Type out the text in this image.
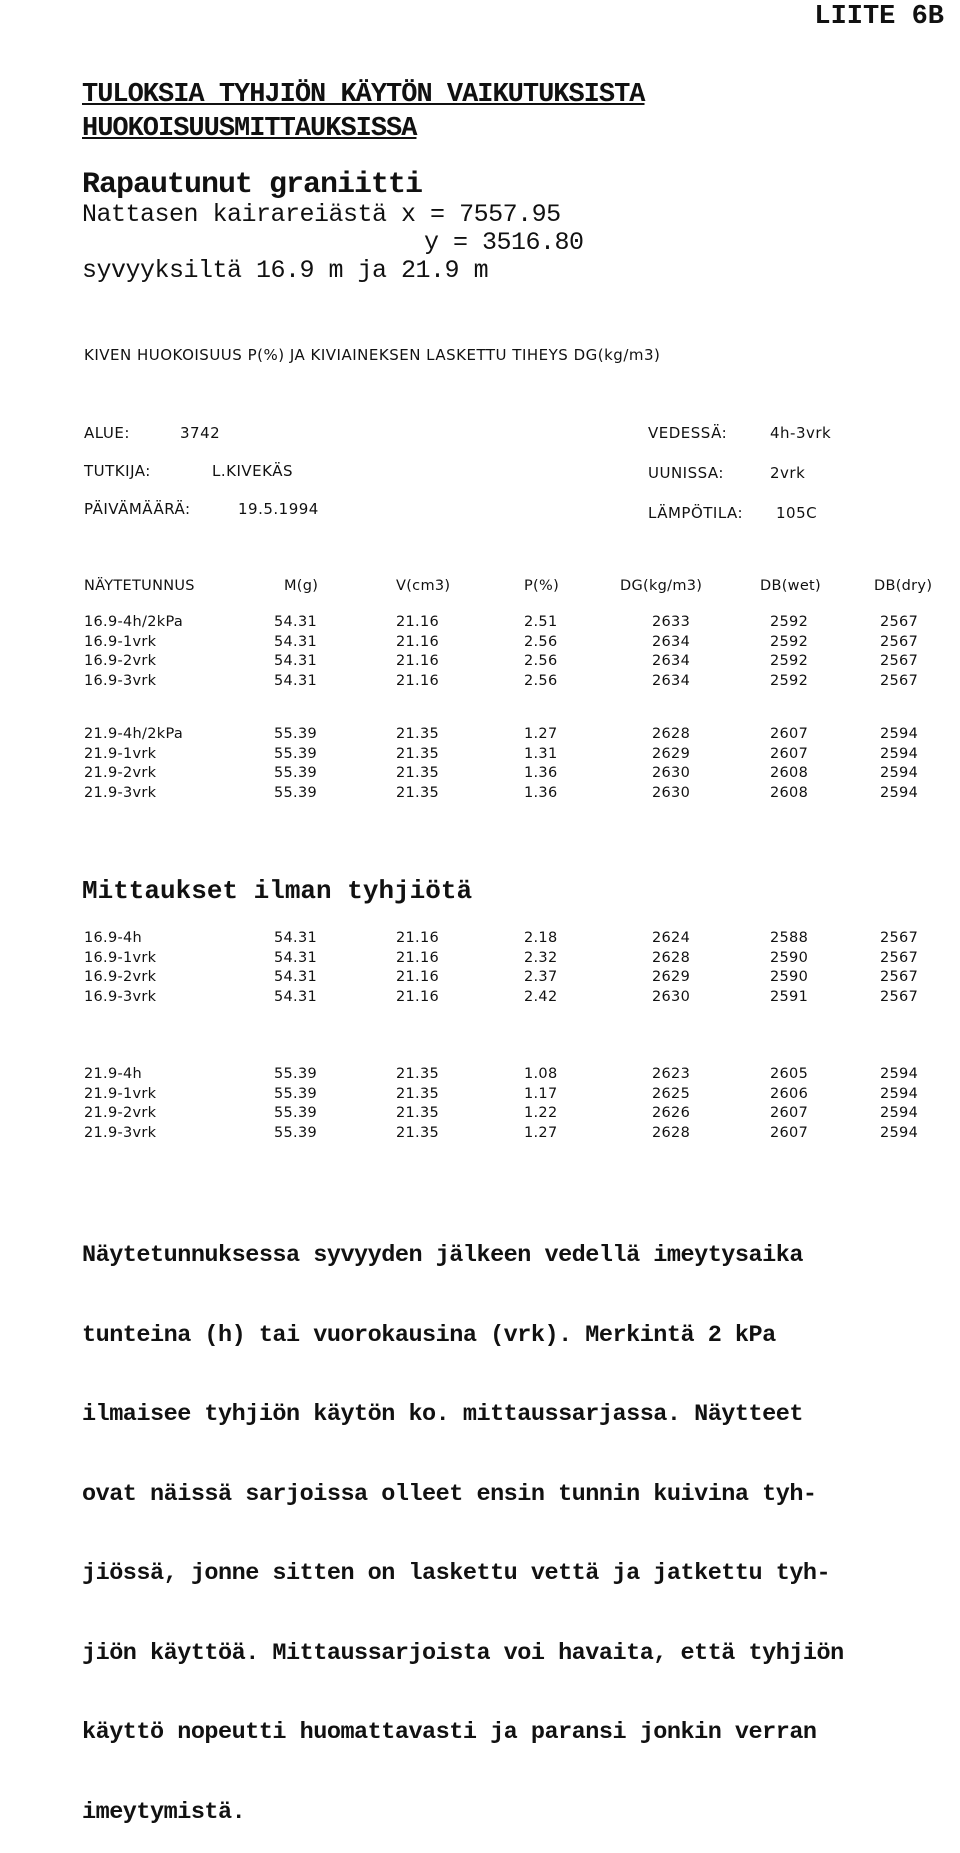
LIITE 6B
TULOKSIA TYHJIÖN KÄYTÖN VAIKUTUKSISTA
HUOKOISUUSMITTAUKSISSA
Rapautunut graniitti
Nattasen kairareiästä x = 7557.95
y = 3516.80
syvyyksiltä 16.9 m ja 21.9 m
KIVEN HUOKOISUUS P(%) JA KIVIAINEKSEN LASKETTU TIHEYS DG(kg/m3)
ALUE:	3742
TUTKIJA:	L.KIVEKÄS
PÄIVÄMÄÄRÄ:	19.5.1994
VEDESSÄ:	4h-3vrk
UUNISSA:	2vrk
LÄMPÖTILA: 105C
NÄYTETUNNUS	M(g)	V(cm3)	P(%)	DG(kg/m3)	DB(wet)	DB(dry)
16.9-4h/2kPa	54.31	21.16	2.51	2633	2592	2567
16.9-1vrk	54.31	21.16	2.56	2634	2592	2567
16.9-2vrk	54.31	21.16	2.56	2634	2592	2567
16.9-3vrk	54.31	21.16	2.56	2634	2592	2567
21.9-4h/2kPa	55.39	21.35	1.27	2628	2607	2594
21.9-1vrk	55.39	21.35	1.31	2629	2607	2594
21.9-2vrk	55.39	21.35	1.36	2630	2608	2594
21.9-3vrk	55.39	21.35	1.36	2630	2608	2594
Mittaukset ilman tyhjiötä
16.9-4h	54.31	21.16	2.18	2624	2588	2567
16.9-1vrk	54.31	21.16	2.32	2628	2590	2567
16.9-2vrk	54.31	21.16	2.37	2629	2590	2567
16.9-3vrk	54.31	21.16	2.42	2630	2591	2567
21.9-4h	55.39	21.35	1.08	2623	2605	2594
21.9-1vrk	55.39	21.35	1.17	2625	2606	2594
21.9-2vrk	55.39	21.35	1.22	2626	2607	2594
21.9-3vrk	55.39	21.35	1.27	2628	2607	2594

Näytetunnuksessa syvyyden jälkeen vedellä imeytysaika

tunteina (h) tai vuorokausina (vrk). Merkintä 2 kPa

ilmaisee tyhjiön käytön ko. mittaussarjassa. Näytteet

ovat näissä sarjoissa olleet ensin tunnin kuivina tyh-

jiössä, jonne sitten on laskettu vettä ja jatkettu tyh-

jiön käyttöä. Mittaussarjoista voi havaita, että tyhjiön

käyttö nopeutti huomattavasti ja paransi jonkin verran

imeytymistä.
